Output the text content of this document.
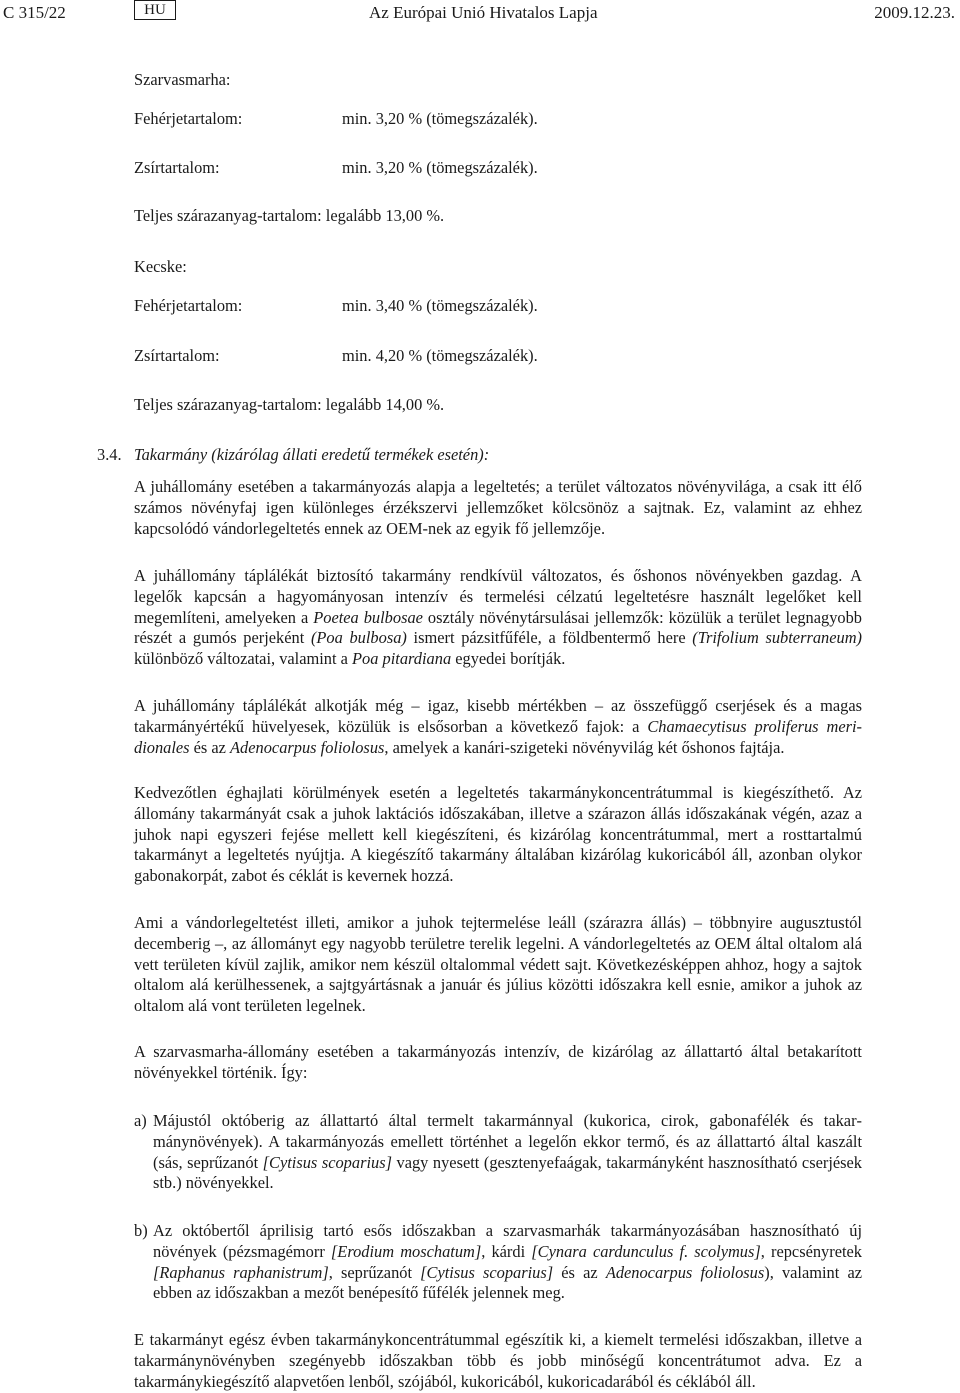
C 315/22	HU	Az Európai Unió Hivatalos Lapja	2009.12.23.
Szarvasmarha:
Fehérjetartalom:	min. 3,20 % (tömegszázalék).
Zsírtartalom:	min. 3,20 % (tömegszázalék).
Teljes szárazanyag-tartalom: legalább 13,00 %.
Kecske:
Fehérjetartalom:	min. 3,40 % (tömegszázalék).
Zsírtartalom:	min. 4,20 % (tömegszázalék).
Teljes szárazanyag-tartalom: legalább 14,00 %.
3.4. Takarmány (kizárólag állati eredetű termékek esetén):
A juhállomány esetében a takarmányozás alapja a legeltetés; a terület változatos növényvilága, a csak itt élő számos növényfaj igen különleges érzékszervi jellemzőket kölcsönöz a sajtnak. Ez, valamint az ehhez kapcsolódó vándorlegeltetés ennek az OEM-nek az egyik fő jellemzője.
A juhállomány táplálékát biztosító takarmány rendkívül változatos, és őshonos növényekben gazdag. A legelők kapcsán a hagyományosan intenzív és termelési célzatú legeltetésre használt legelőket kell megemlíteni, amelyeken a Poetea bulbosae osztály növénytársulásai jellemzők: közülük a terület legnagyobb részét a gumós perjeként (Poa bulbosa) ismert pázsitfűféle, a földbentermő here (Trifolium subterraneum) különböző változatai, valamint a Poa pitardiana egyedei borítják.
A juhállomány táplálékát alkotják még – igaz, kisebb mértékben – az összefüggő cserjések és a magas takarmányértékű hüvelyesek, közülük is elsősorban a következő fajok: a Chamaecytisus proliferus meridionales és az Adenocarpus foliolosus, amelyek a kanári-szigeteki növényvilág két őshonos fajtája.
Kedvezőtlen éghajlati körülmények esetén a legeltetés takarmánykoncentrátummal is kiegészíthető. Az állomány takarmányát csak a juhok laktációs időszakában, illetve a szárazon állás időszakának végén, azaz a juhok napi egyszeri fejése mellett kell kiegészíteni, és kizárólag koncentrátummal, mert a rosttartalmú takarmányt a legeltetés nyújtja. A kiegészítő takarmány általában kizárólag kukoricából áll, azonban olykor gabonakorpát, zabot és céklát is kevernek hozzá.
Ami a vándorlegeltetést illeti, amikor a juhok tejtermelése leáll (szárazra állás) – többnyire augusztustól decemberig –, az állományt egy nagyobb területre terelik legelni. A vándorlegeltetés az OEM által oltalom alá vett területen kívül zajlik, amikor nem készül oltalommal védett sajt. Következésképpen ahhoz, hogy a sajtok oltalom alá kerülhessenek, a sajtgyártásnak a január és július közötti időszakra kell esnie, amikor a juhok az oltalom alá vont területen legelnek.
A szarvasmarha-állomány esetében a takarmányozás intenzív, de kizárólag az állattartó által betakarított növényekkel történik. Így:
a) Májustól októberig az állattartó által termelt takarmánnyal (kukorica, cirok, gabonafélék és takarmánynövények). A takarmányozás emellett történhet a legelőn ekkor termő, és az állattartó által kaszált (sás, seprűzanót [Cytisus scoparius] vagy nyesett (gesztenyefaágak, takarmányként hasznosítható cserjések stb.) növényekkel.
b) Az októbertől áprilisig tartó esős időszakban a szarvasmarhák takarmányozásában hasznosítható új növények (pézsmagémorr [Erodium moschatum], kárdi [Cynara cardunculus f. scolymus], repcsényretek [Raphanus raphanistrum], seprűzanót [Cytisus scoparius] és az Adenocarpus foliolosus), valamint az ebben az időszakban a mezőt benépesítő fűfélék jelennek meg.
E takarmányt egész évben takarmánykoncentrátummal egészítik ki, a kiemelt termelési időszakban, illetve a takarmánynövényben szegényebb időszakban több és jobb minőségű koncentrátumot adva. Ez a takarmánykiegészítő alapvetően lenből, szójából, kukoricából, kukoricadarából és céklából áll.
